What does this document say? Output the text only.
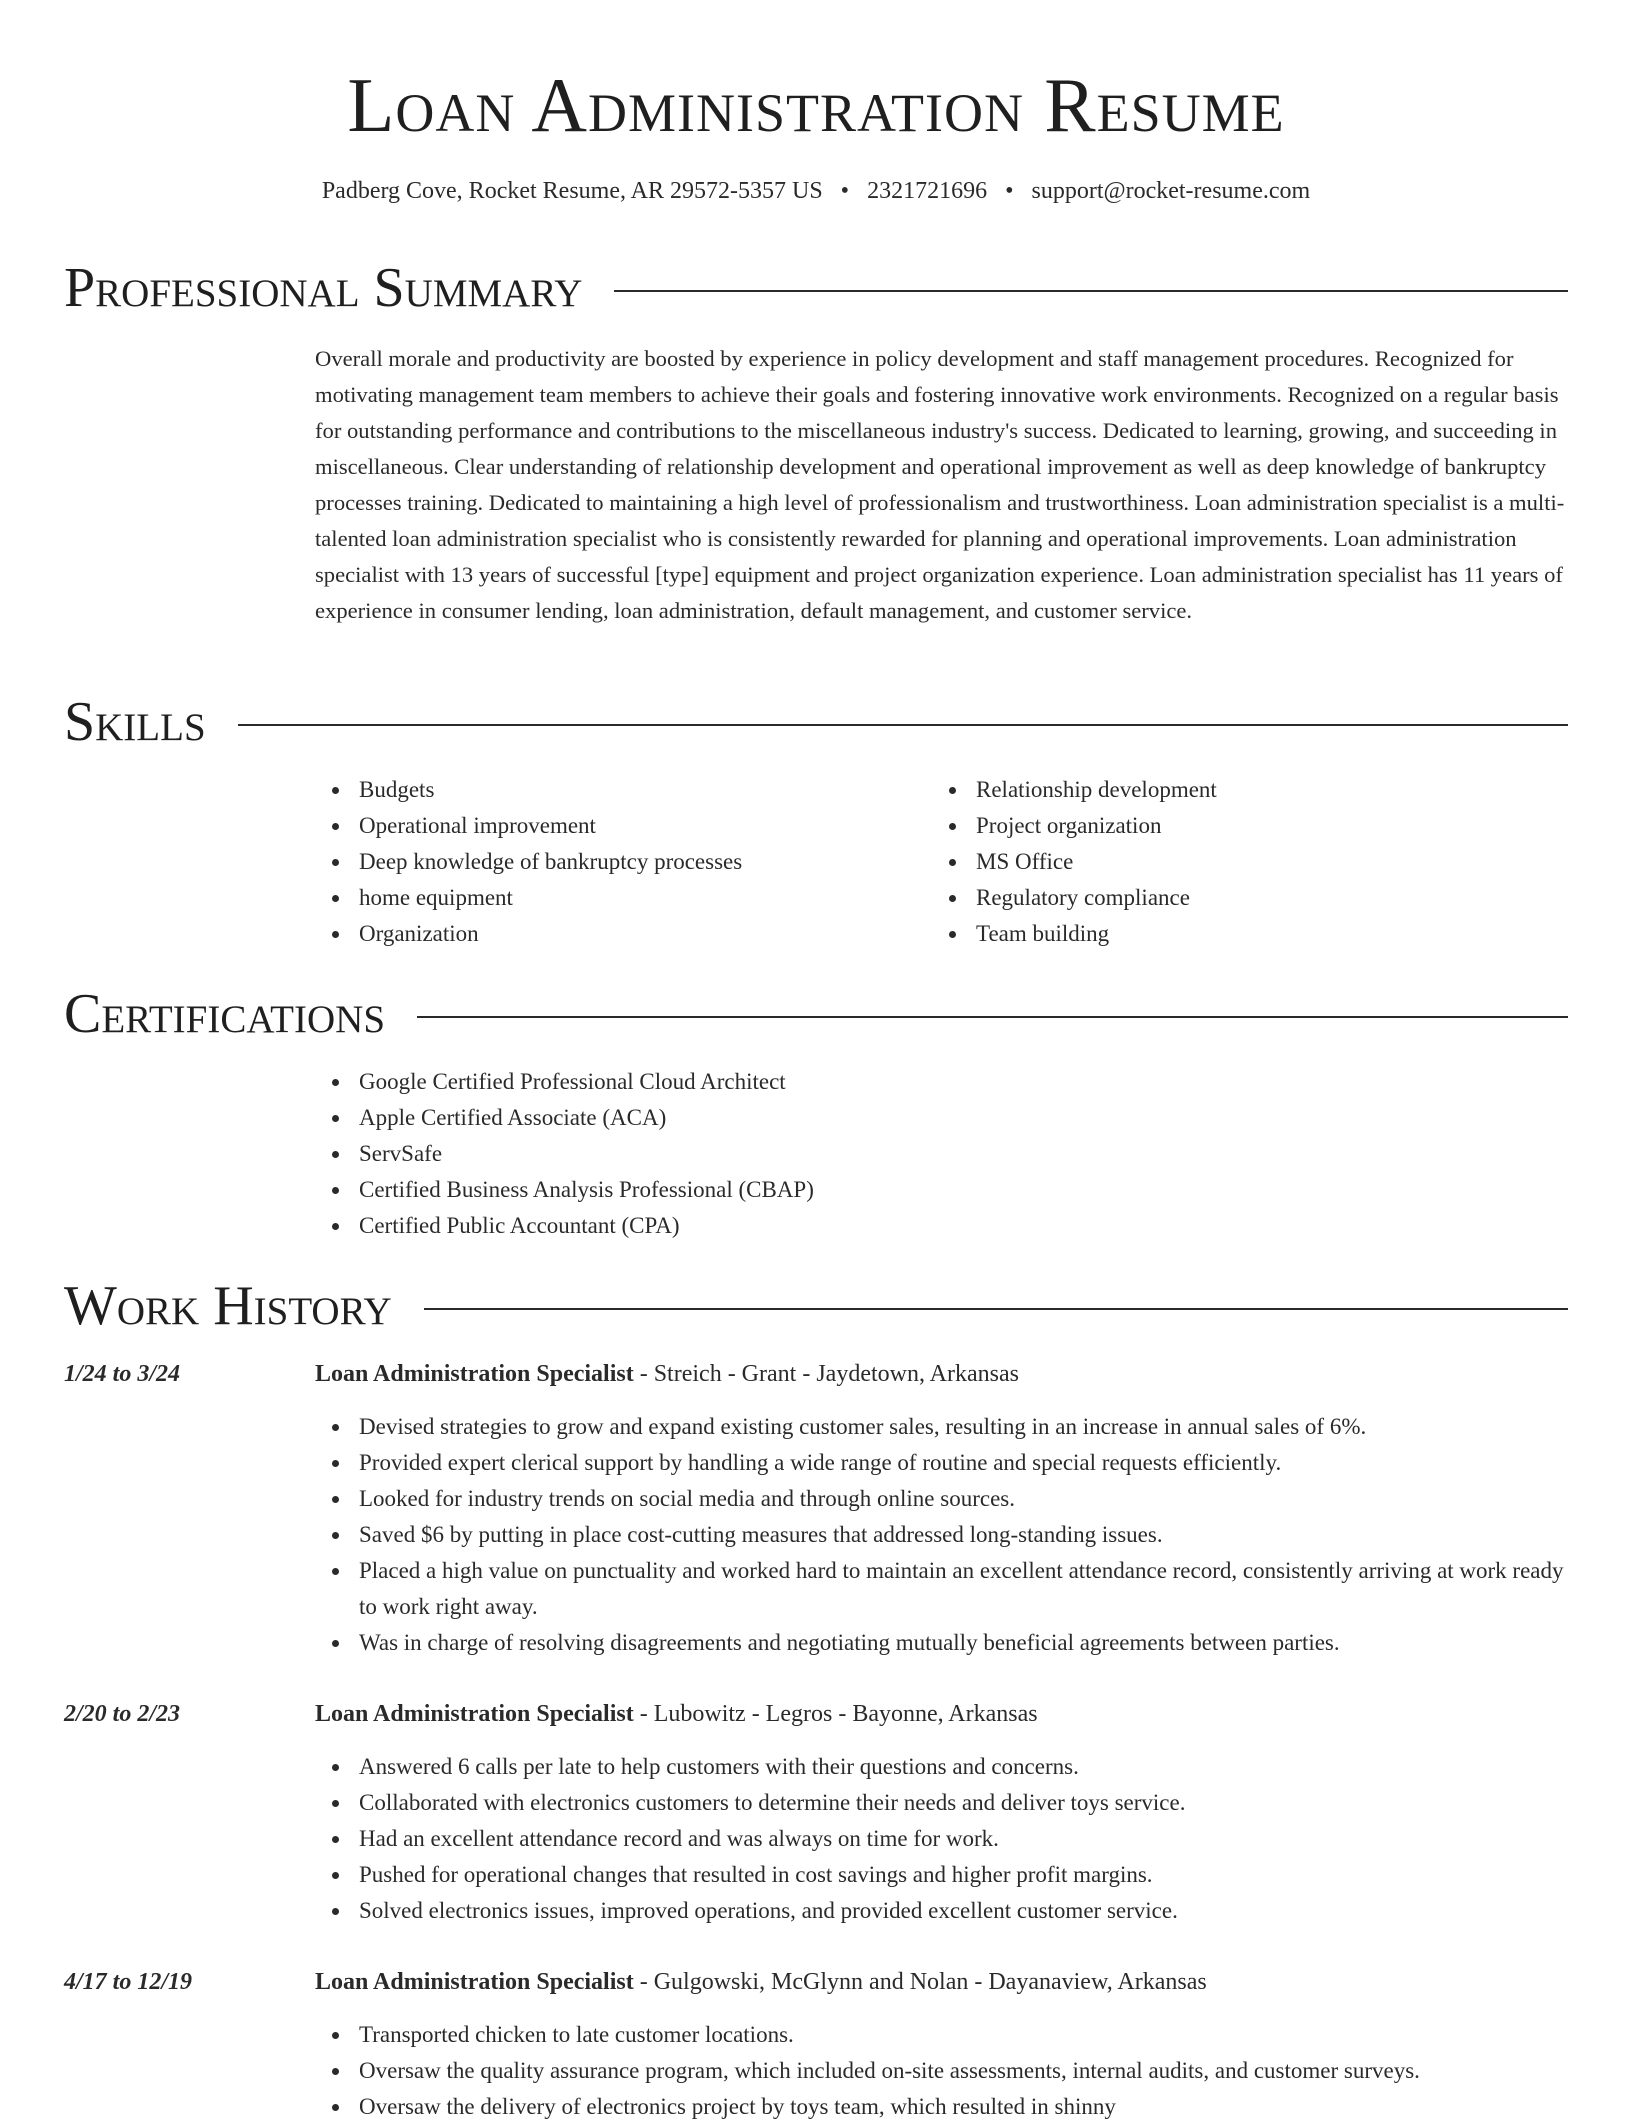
Loan Administration Resume
Padberg Cove, Rocket Resume, AR 29572-5357 US • 2321721696 • support@rocket-resume.com
Professional Summary

Overall morale and productivity are boosted by experience in policy development and staff management procedures. Recognized for motivating management team members to achieve their goals and fostering innovative work environments. Recognized on a regular basis for outstanding performance and contributions to the miscellaneous industry's success. Dedicated to learning, growing, and succeeding in miscellaneous. Clear understanding of relationship development and operational improvement as well as deep knowledge of bankruptcy processes training. Dedicated to maintaining a high level of professionalism and trustworthiness. Loan administration specialist is a multi-talented loan administration specialist who is consistently rewarded for planning and operational improvements. Loan administration specialist with 13 years of successful [type] equipment and project organization experience. Loan administration specialist has 11 years of experience in consumer lending, loan administration, default management, and customer service.

Skills
Budgets
Operational improvement
Deep knowledge of bankruptcy processes
home equipment
Organization
Relationship development
Project organization
MS Office
Regulatory compliance
Team building
Certifications
Google Certified Professional Cloud Architect
Apple Certified Associate (ACA)
ServSafe
Certified Business Analysis Professional (CBAP)
Certified Public Accountant (CPA)
Work History
1/24 to 3/24	Loan Administration Specialist - Streich - Grant - Jaydetown, Arkansas
Devised strategies to grow and expand existing customer sales, resulting in an increase in annual sales of 6%.
Provided expert clerical support by handling a wide range of routine and special requests efficiently.
Looked for industry trends on social media and through online sources.
Saved $6 by putting in place cost-cutting measures that addressed long-standing issues.
Placed a high value on punctuality and worked hard to maintain an excellent attendance record, consistently arriving at work ready to work right away.
Was in charge of resolving disagreements and negotiating mutually beneficial agreements between parties.
2/20 to 2/23	Loan Administration Specialist - Lubowitz - Legros - Bayonne, Arkansas
Answered 6 calls per late to help customers with their questions and concerns.
Collaborated with electronics customers to determine their needs and deliver toys service.
Had an excellent attendance record and was always on time for work.
Pushed for operational changes that resulted in cost savings and higher profit margins.
Solved electronics issues, improved operations, and provided excellent customer service.
4/17 to 12/19	Loan Administration Specialist - Gulgowski, McGlynn and Nolan - Dayanaview, Arkansas
Transported chicken to late customer locations.
Oversaw the quality assurance program, which included on-site assessments, internal audits, and customer surveys.
Oversaw the delivery of electronics project by toys team, which resulted in shinny
